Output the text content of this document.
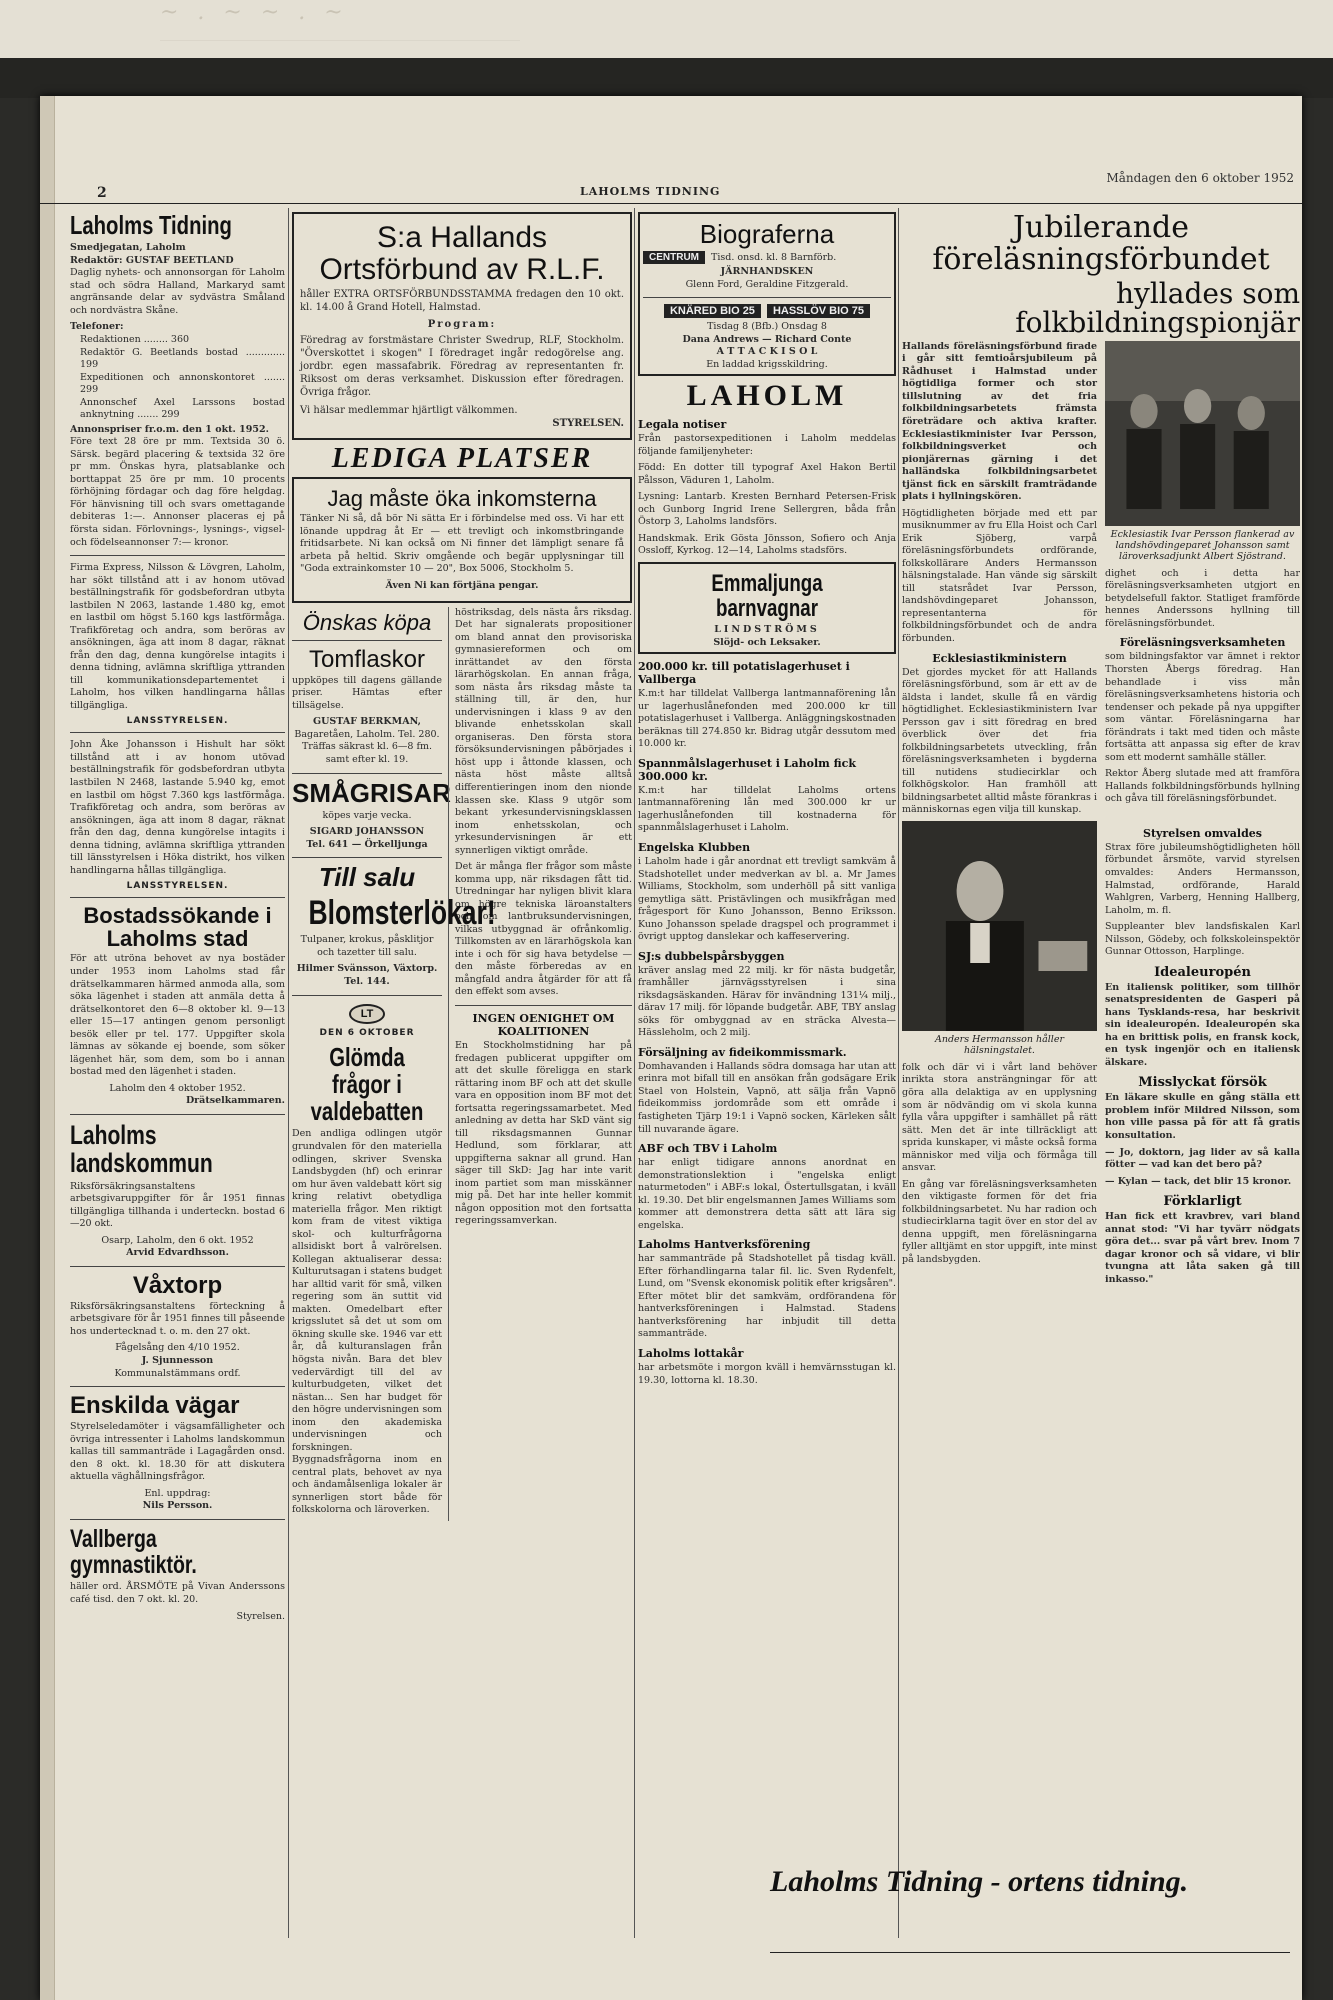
~ . ~ ~ . ~
2	LAHOLMS TIDNING
Måndagen den 6 oktober 1952
Laholms Tidning
Smedjegatan, Laholm
Redaktör: GUSTAF BEETLAND
Daglig nyhets- och annonsorgan för Laholm stad och södra Halland, Markaryd samt angränsande delar av sydvästra Småland och nordvästra Skåne.
Telefoner:
Redaktionen ........ 360
Redaktör G. Beetlands bostad ............. 199
Expeditionen och annonskontoret ....... 299
Annonschef Axel Larssons bostad anknytning ....... 299
Annonspriser fr.o.m. den 1 okt. 1952.
Före text 28 öre pr mm. Textsida 30 ö. Särsk. begärd placering & textsida 32 öre pr mm. Önskas hyra, platsablanke och borttappat 25 öre pr mm. 10 procents förhöjning fördagar och dag före helgdag. För hänvisning till och svars omettagande debiteras 1:—. Annonser placeras ej på första sidan. Förlovnings-, lysnings-, vigsel- och födelseannonser 7:— kronor.
Firma Express, Nilsson & Lövgren, Laholm, har sökt tillstånd att i av honom utövad beställningstrafik för godsbefordran utbyta lastbilen N 2063, lastande 1.480 kg, emot en lastbil om högst 5.160 kgs lastförmåga. Trafikföretag och andra, som beröras av ansökningen, äga att inom 8 dagar, räknat från den dag, denna kungörelse intagits i denna tidning, avlämna skriftliga yttranden till kommunikationsdepartementet i Laholm, hos vilken handlingarna hållas tillgängliga.
LANSSTYRELSEN.
John Åke Johansson i Hishult har sökt tillstånd att i av honom utövad beställningstrafik för godsbefordran utbyta lastbilen N 2468, lastande 5.940 kg, emot en lastbil om högst 7.360 kgs lastförmåga. Trafikföretag och andra, som beröras av ansökningen, äga att inom 8 dagar, räknat från den dag, denna kungörelse intagits i denna tidning, avlämna skriftliga yttranden till länsstyrelsen i Höka distrikt, hos vilken handlingarna hållas tillgängliga.
LANSSTYRELSEN.
Bostadssökande i Laholms stad
För att utröna behovet av nya bostäder under 1953 inom Laholms stad får drätselkammaren härmed anmoda alla, som söka lägenhet i staden att anmäla detta å drätselkontoret den 6—8 oktober kl. 9—13 eller 15—17 antingen genom personligt besök eller pr tel. 177. Uppgifter skola lämnas av sökande ej boende, som söker lägenhet här, som dem, som bo i annan bostad med den lägenhet i staden.
Laholm den 4 oktober 1952.
Drätselkammaren.
Laholms landskommun
Riksförsäkringsanstaltens arbetsgivaruppgifter för år 1951 finnas tillgängliga tillhanda i underteckn. bostad 6—20 okt.
Osarp, Laholm, den 6 okt. 1952
Arvid Edvardhsson.
Våxtorp
Riksförsäkringsanstaltens förteckning å arbetsgivare för år 1951 finnes till påseende hos undertecknad t. o. m. den 27 okt.
Fågelsång den 4/10 1952.
J. Sjunnesson
Kommunalstämmans ordf.
Enskilda vägar
Styrelseledamöter i vägsamfälligheter och övriga intressenter i Laholms landskommun kallas till sammanträde i Lagagården onsd. den 8 okt. kl. 18.30 för att diskutera aktuella väghållningsfrågor.
Enl. uppdrag:
Nils Persson.
Vallberga gymnastiktör.
häller ord. ÅRSMÖTE på Vivan Anderssons café tisd. den 7 okt. kl. 20.
Styrelsen.
S:a Hallands Ortsförbund av R.L.F.
håller EXTRA ORTSFÖRBUNDSSTAMMA fredagen den 10 okt. kl. 14.00 å Grand Hotell, Halmstad.
Program:
Föredrag av forstmästare Christer Swedrup, RLF, Stockholm. "Överskottet i skogen" I föredraget ingår redogörelse ang. jordbr. egen massafabrik. Föredrag av representanten fr. Riksost om deras verksamhet. Diskussion efter föredragen. Övriga frågor.
Vi hälsar medlemmar hjärtligt välkommen.
STYRELSEN.
LEDIGA PLATSER
Jag måste öka inkomsterna
Tänker Ni så, då bör Ni sätta Er i förbindelse med oss. Vi har ett lönande uppdrag åt Er — ett trevligt och inkomstbringande fritidsarbete. Ni kan också om Ni finner det lämpligt senare få arbeta på heltid. Skriv omgående och begär upplysningar till "Goda extrainkomster 10 — 20", Box 5006, Stockholm 5.
Även Ni kan förtjäna pengar.
Önskas köpa
Tomflaskor
uppköpes till dagens gällande priser. Hämtas efter tillsägelse.
GUSTAF BERKMAN,
Bagaretåen, Laholm. Tel. 280.
Träffas säkrast kl. 6—8 fm. samt efter kl. 19.
SMÅGRISAR
köpes varje vecka.
SIGARD JOHANSSON
Tel. 641 — Örkelljunga
Till salu
Blomsterlökar!
Tulpaner, krokus, påsklitjor och tazetter till salu.
Hilmer Svänsson, Växtorp. Tel. 144.
LT
DEN 6 OKTOBER
Glömda frågor i valdebatten
Den andliga odlingen utgör grundvalen för den materiella odlingen, skriver Svenska Landsbygden (hf) och erinrar om hur även valdebatt kört sig kring relativt obetydliga materiella frågor. Men riktigt kom fram de vitest viktiga skol- och kulturfrågorna allsidiskt bort å valrörelsen. Kollegan aktualiserar dessa: Kulturutsagan i statens budget har alltid varit för små, vilken regering som än suttit vid makten. Omedelbart efter krigsslutet så det ut som om ökning skulle ske. 1946 var ett år, då kulturanslagen från högsta nivån. Bara det blev vedervärdigt till del av kulturbudgeten, vilket det nästan... Sen har budget för den högre undervisningen som inom den akademiska undervisningen och forskningen. Byggnadsfrågorna inom en central plats, behovet av nya och ändamålsenliga lokaler är synnerligen stort både för folkskolorna och läroverken.
höstriksdag, dels nästa års riksdag. Det har signalerats propositioner om bland annat den provisoriska gymnasiereformen och om inrättandet av den första lärarhögskolan. En annan fråga, som nästa års riksdag måste ta ställning till, är den, hur undervisningen i klass 9 av den blivande enhetsskolan skall organiseras. Den första stora försöksundervisningen påbörjades i höst upp i åttonde klassen, och nästa höst måste alltså differentieringen inom den nionde klassen ske. Klass 9 utgör som bekant yrkesundervisningsklassen inom enhetsskolan, och yrkesundervisningen är ett synnerligen viktigt område.
Det är många fler frågor som måste komma upp, när riksdagen fått tid. Utredningar har nyligen blivit klara om högre tekniska läroanstalters och om lantbruksundervisningen, vilkas utbyggnad är ofrånkomlig. Tillkomsten av en lärarhögskola kan inte i och för sig hava betydelse — den måste förberedas av en mångfald andra åtgärder för att få den effekt som avses.
INGEN OENIGHET OM KOALITIONEN
En Stockholmstidning har på fredagen publicerat uppgifter om att det skulle föreligga en stark rättaring inom BF och att det skulle vara en opposition inom BF mot det fortsatta regeringssamarbetet. Med anledning av detta har SkD vänt sig till riksdagsmannen Gunnar Hedlund, som förklarar, att uppgifterna saknar all grund. Han säger till SkD: Jag har inte varit inom partiet som man misskänner mig på. Det har inte heller kommit någon opposition mot den fortsatta regeringssamverkan.
Biograferna
CENTRUM	Tisd. onsd. kl. 8 Barnförb.
JÄRNHANDSKEN
Glenn Ford, Geraldine Fitzgerald.
KNÄRED BIO 25	HASSLÖV BIO 75
Tisdag 8 (Bfb.) Onsdag 8
Dana Andrews — Richard Conte
A T T A C K I S O L
En laddad krigsskildring.
LAHOLM
Legala notiser
Från pastorsexpeditionen i Laholm meddelas följande familjenyheter:
Född: En dotter till typograf Axel Hakon Bertil Pålsson, Väduren 1, Laholm.
Lysning: Lantarb. Kresten Bernhard Petersen-Frisk och Gunborg Ingrid Irene Sellergren, båda från Östorp 3, Laholms landsförs.
Handskmak. Erik Gösta Jönsson, Sofiero och Anja Ossloff, Kyrkog. 12—14, Laholms stadsförs.
Emmaljunga barnvagnar
LINDSTRÖMS
Slöjd- och Leksaker.
200.000 kr. till potatislagerhuset i Vallberga
K.m:t har tilldelat Vallberga lantmannaförening lån ur lagerhuslånefonden med 200.000 kr till potatislagerhuset i Vallberga. Anläggningskostnaden beräknas till 274.850 kr. Bidrag utgår dessutom med 10.000 kr.
Spannmålslagerhuset i Laholm fick 300.000 kr.
K.m:t har tilldelat Laholms ortens lantmannaförening lån med 300.000 kr ur lagerhuslånefonden till kostnaderna för spannmålslagerhuset i Laholm.
Engelska Klubben
i Laholm hade i går anordnat ett trevligt samkväm å Stadshotellet under medverkan av bl. a. Mr James Williams, Stockholm, som underhöll på sitt vanliga gemytliga sätt. Pristävlingen och musikfrågan med frågesport för Kuno Johansson, Benno Eriksson. Kuno Johansson spelade dragspel och programmet i övrigt upptog danslekar och kaffeservering.
SJ:s dubbelspårsbyggen
kräver anslag med 22 milj. kr för nästa budgetår, framhåller järnvägsstyrelsen i sina riksdagsäskanden. Härav för invändning 131¼ milj., därav 17 milj. för löpande budgetår. ABF, TBY anslag söks för ombyggnad av en sträcka Alvesta—Hässleholm, och 2 milj.
Försäljning av fideikommissmark.
Domhavanden i Hallands södra domsaga har utan att erinra mot bifall till en ansökan från godsägare Erik Stael von Holstein, Vapnö, att sälja från Vapnö fideikommiss jordområde som ett område i fastigheten Tjärp 19:1 i Vapnö socken, Kärleken sålt till nuvarande ägare.
ABF och TBV i Laholm
har enligt tidigare annons anordnat en demonstrationslektion i "engelska enligt naturmetoden" i ABF:s lokal, Östertullsgatan, i kväll kl. 19.30. Det blir engelsmannen James Williams som kommer att demonstrera detta sätt att lära sig engelska.
Laholms Hantverksförening
har sammanträde på Stadshotellet på tisdag kväll. Efter förhandlingarna talar fil. lic. Sven Rydenfelt, Lund, om "Svensk ekonomisk politik efter krigsåren". Efter mötet blir det samkväm, ordförandena för hantverksföreningen i Halmstad. Stadens hantverksförening har inbjudit till detta sammanträde.
Laholms lottakår
har arbetsmöte i morgon kväll i hemvärnsstugan kl. 19.30, lottorna kl. 18.30.
Jubilerande föreläsningsförbundet
hyllades som folkbildningspionjär
Hallands föreläsningsförbund firade i går sitt femtioårsjubileum på Rådhuset i Halmstad under högtidliga former och stor tillslutning av det fria folkbildningsarbetets främsta företrädare och aktiva krafter. Ecklesiastikminister Ivar Persson, folkbildningsverket och pionjärernas gärning i det halländska folkbildningsarbetet tjänst fick en särskilt framträdande plats i hyllningskören.
Högtidligheten började med ett par musiknummer av fru Ella Hoist och Carl Erik Sjöberg, varpå föreläsningsförbundets ordförande, folkskollärare Anders Hermansson hälsningstalade. Han vände sig särskilt till statsrådet Ivar Persson, landshövdingeparet Johansson, representanterna för folkbildningsförbundet och de andra förbunden.
Ecklesiastikministern
Det gjordes mycket för att Hallands föreläsningsförbund, som är ett av de äldsta i landet, skulle få en värdig högtidlighet. Ecklesiastikministern Ivar Persson gav i sitt föredrag en bred överblick över det fria folkbildningsarbetets utveckling, från föreläsningsverksamheten i bygderna till nutidens studiecirklar och folkhögskolor. Han framhöll att bildningsarbetet alltid måste förankras i människornas egen vilja till kunskap.
Ecklesiastik Ivar Persson flankerad av landshövdingeparet Johansson samt läroverksadjunkt Albert Sjöstrand.
dighet och i detta har föreläsningsverksamheten utgjort en betydelsefull faktor. Statliget framförde hennes Anderssons hyllning till föreläsningsförbundet.
Föreläsningsverksamheten
som bildningsfaktor var ämnet i rektor Thorsten Åbergs föredrag. Han behandlade i viss mån föreläsningsverksamhetens historia och tendenser och pekade på nya uppgifter som väntar. Föreläsningarna har förändrats i takt med tiden och måste fortsätta att anpassa sig efter de krav som ett modernt samhälle ställer.
Rektor Åberg slutade med att framföra Hallands folkbildningsförbunds hyllning och gåva till föreläsningsförbundet.
Anders Hermansson håller hälsningstalet.
folk och där vi i vårt land behöver inrikta stora ansträngningar för att göra alla delaktiga av en upplysning som är nödvändig om vi skola kunna fylla våra uppgifter i samhället på rätt sätt. Men det är inte tillräckligt att sprida kunskaper, vi måste också forma människor med vilja och förmåga till ansvar.
En gång var föreläsningsverksamheten den viktigaste formen för det fria folkbildningsarbetet. Nu har radion och studiecirklarna tagit över en stor del av denna uppgift, men föreläsningarna fyller alltjämt en stor uppgift, inte minst på landsbygden.
Styrelsen omvaldes
Strax före jubileumshögtidligheten höll förbundet årsmöte, varvid styrelsen omvaldes: Anders Hermansson, Halmstad, ordförande, Harald Wahlgren, Varberg, Henning Hallberg, Laholm, m. fl.
Suppleanter blev landsfiskalen Karl Nilsson, Gödeby, och folkskoleinspektör Gunnar Ottosson, Harplinge.
Idealeuropén
En italiensk politiker, som tillhör senatspresidenten de Gasperi på hans Tysklands-resa, har beskrivit sin idealeuropén. Idealeuropén ska ha en brittisk polis, en fransk kock, en tysk ingenjör och en italiensk älskare.
Misslyckat försök
En läkare skulle en gång ställa ett problem inför Mildred Nilsson, som hon ville passa på för att få gratis konsultation.
— Jo, doktorn, jag lider av så kalla fötter — vad kan det bero på?
— Kylan — tack, det blir 15 kronor.
Förklarligt
Han fick ett kravbrev, vari bland annat stod: "Vi har tyvärr nödgats göra det... svar på vårt brev. Inom 7 dagar kronor och så vidare, vi blir tvungna att låta saken gå till inkasso."
Laholms Tidning - ortens tidning.
